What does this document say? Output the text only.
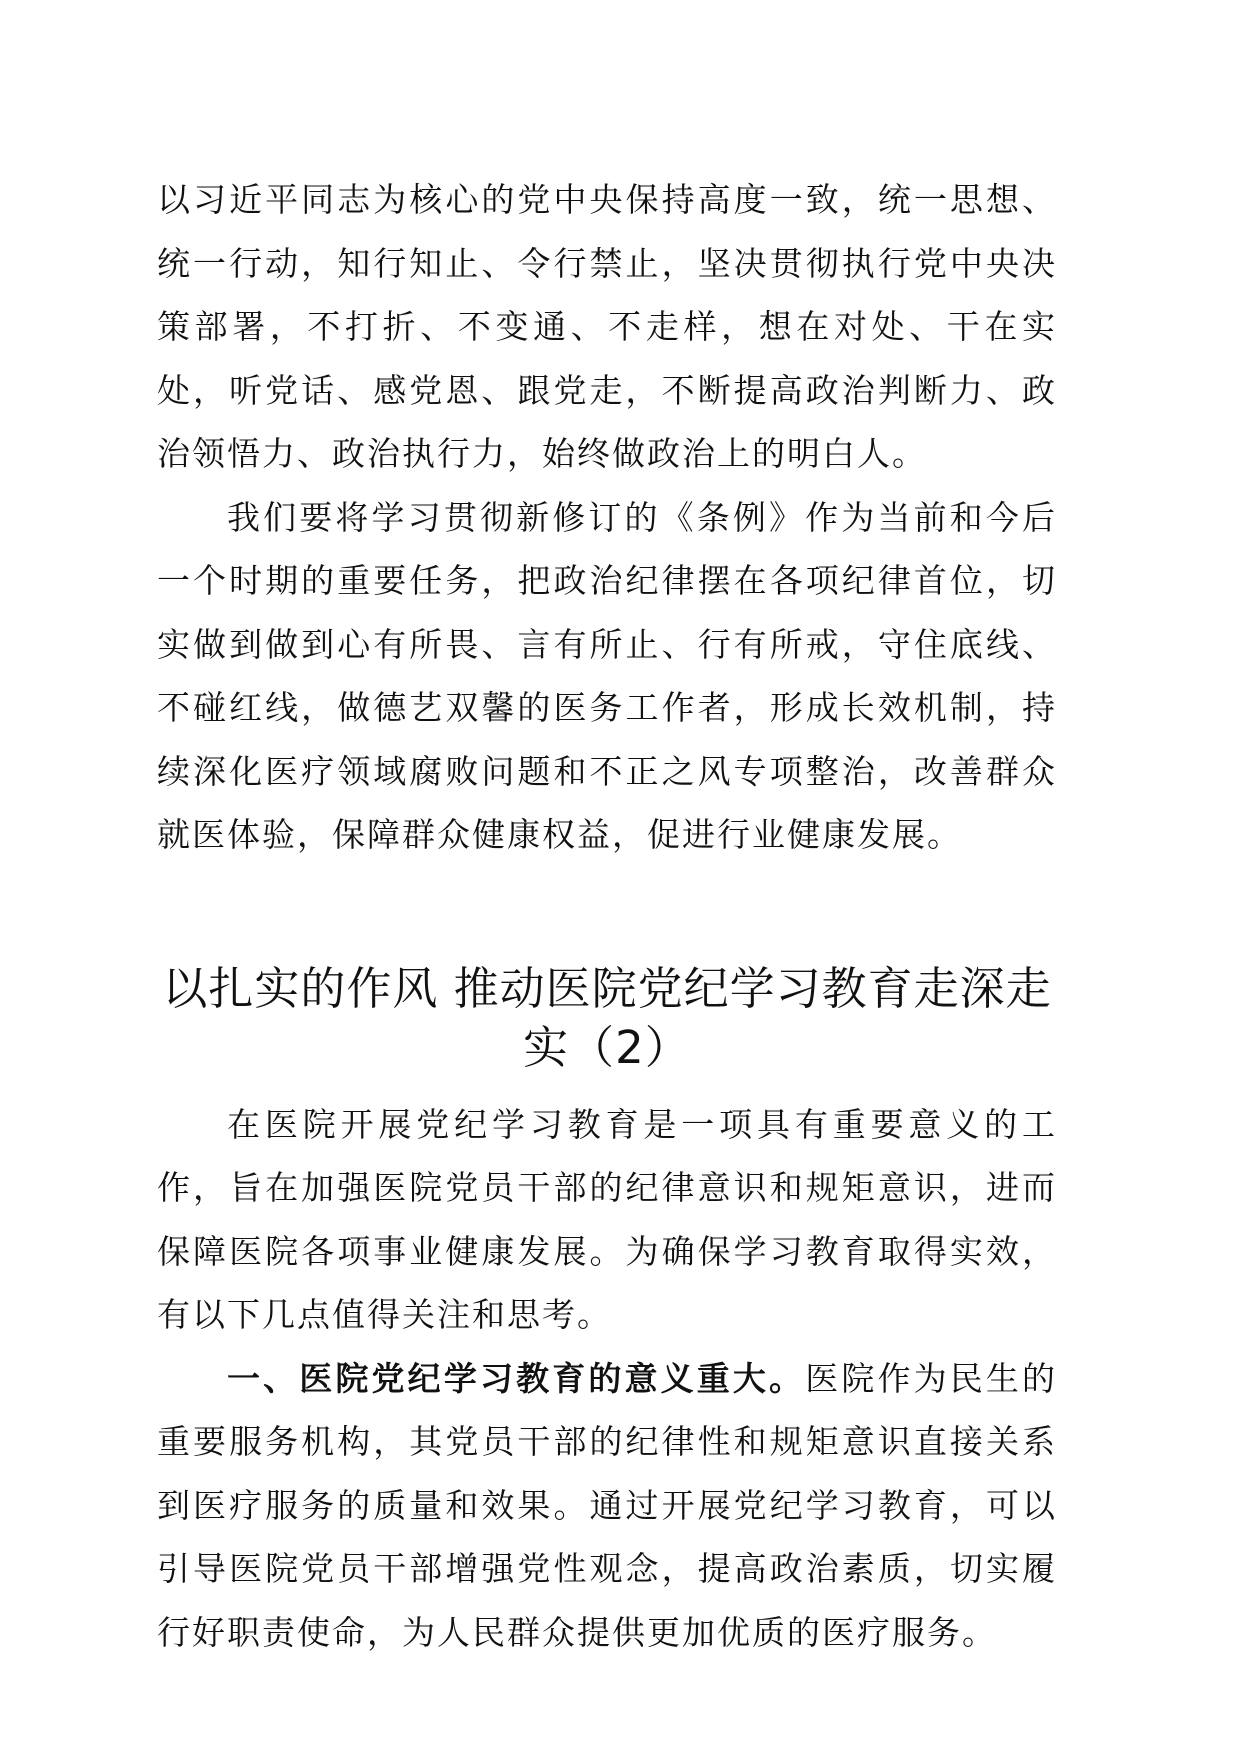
以习近平同志为核心的党中央保持高度一致，统一思想、统一行动，知行知止、令行禁止，坚决贯彻执行党中央决策部署，不打折、不变通、不走样，想在对处、干在实处，听党话、感党恩、跟党走，不断提高政治判断力、政治领悟力、政治执行力，始终做政治上的明白人。

我们要将学习贯彻新修订的《条例》作为当前和今后一个时期的重要任务，把政治纪律摆在各项纪律首位，切实做到做到心有所畏、言有所止、行有所戒，守住底线、不碰红线，做德艺双馨的医务工作者，形成长效机制，持续深化医疗领域腐败问题和不正之风专项整治，改善群众就医体验，保障群众健康权益，促进行业健康发展。

以扎实的作风 推动医院党纪学习教育走深走实（2）

在医院开展党纪学习教育是一项具有重要意义的工作，旨在加强医院党员干部的纪律意识和规矩意识，进而保障医院各项事业健康发展。为确保学习教育取得实效，有以下几点值得关注和思考。

一、医院党纪学习教育的意义重大。医院作为民生的重要服务机构，其党员干部的纪律性和规矩意识直接关系到医疗服务的质量和效果。通过开展党纪学习教育，可以引导医院党员干部增强党性观念，提高政治素质，切实履行好职责使命，为人民群众提供更加优质的医疗服务。
